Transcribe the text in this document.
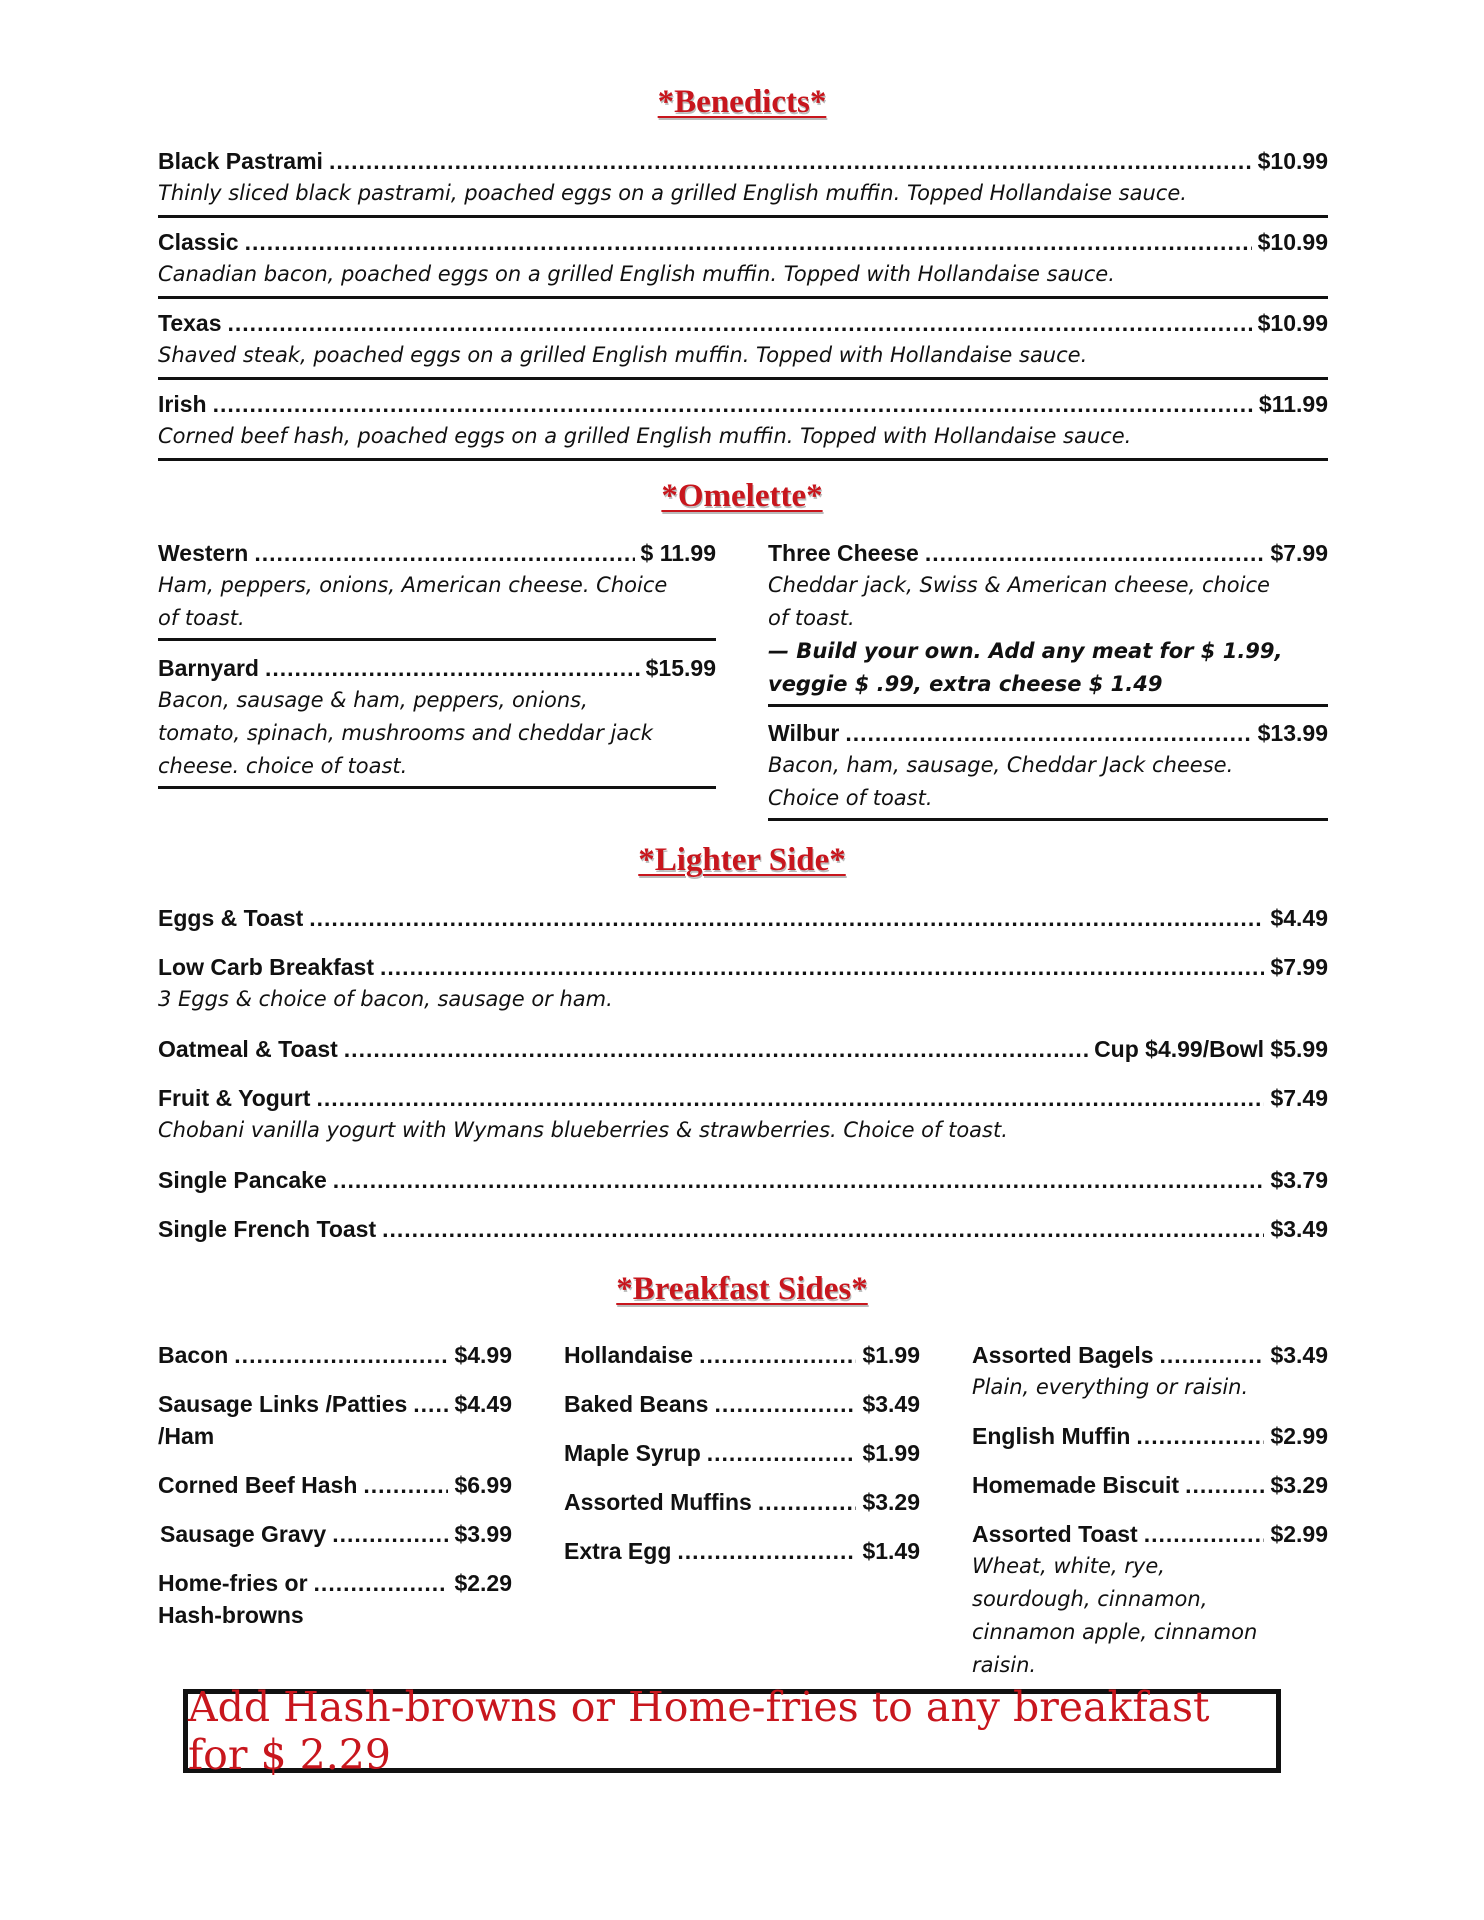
*Benedicts*
Black Pastrami .....	$10.99
Thinly sliced black pastrami, poached eggs on a grilled English muffin. Topped Hollandaise sauce.
Classic .....	$10.99
Canadian bacon, poached eggs on a grilled English muffin. Topped with Hollandaise sauce.
Texas .....	$10.99
Shaved steak, poached eggs on a grilled English muffin. Topped with Hollandaise sauce.
Irish .....	$11.99
Corned beef hash, poached eggs on a grilled English muffin. Topped with Hollandaise sauce.
*Omelette*
Western .....	$ 11.99
Ham, peppers, onions, American cheese. Choice
of toast.
Barnyard .....	$15.99
Bacon, sausage & ham, peppers, onions,
tomato, spinach, mushrooms and cheddar jack
cheese. choice of toast.
Three Cheese .....	$7.99
Cheddar jack, Swiss & American cheese, choice
of toast.
— Build your own. Add any meat for $ 1.99,
veggie $ .99, extra cheese $ 1.49
Wilbur .....	$13.99
Bacon, ham, sausage, Cheddar Jack cheese.
Choice of toast.
*Lighter Side*
Eggs & Toast .....	$4.49
Low Carb Breakfast .....	$7.99
3 Eggs & choice of bacon, sausage or ham.
Oatmeal & Toast .....	Cup $4.99/Bowl $5.99
Fruit & Yogurt .....	$7.49
Chobani vanilla yogurt with Wymans blueberries & strawberries. Choice of toast.
Single Pancake .....	$3.79
Single French Toast .....	$3.49
*Breakfast Sides*
Bacon .....	$4.99
Sausage Links /Patties ..... $4.49
/Ham
Corned Beef Hash .....	$6.99
Sausage Gravy .....	$3.99
Home-fries or .....	$2.29
Hash-browns
Hollandaise .....	$1.99
Baked Beans .....	$3.49
Maple Syrup .....	$1.99
Assorted Muffins .....	$3.29
Extra Egg .....	$1.49
Assorted Bagels .....	$3.49
Plain, everything or raisin.
English Muffin .....	$2.99
Homemade Biscuit .....	$3.29
Assorted Toast .....	$2.99
Wheat, white, rye,
sourdough, cinnamon,
cinnamon apple, cinnamon
raisin.
Add Hash-browns or Home-fries to any breakfast for $ 2.29
